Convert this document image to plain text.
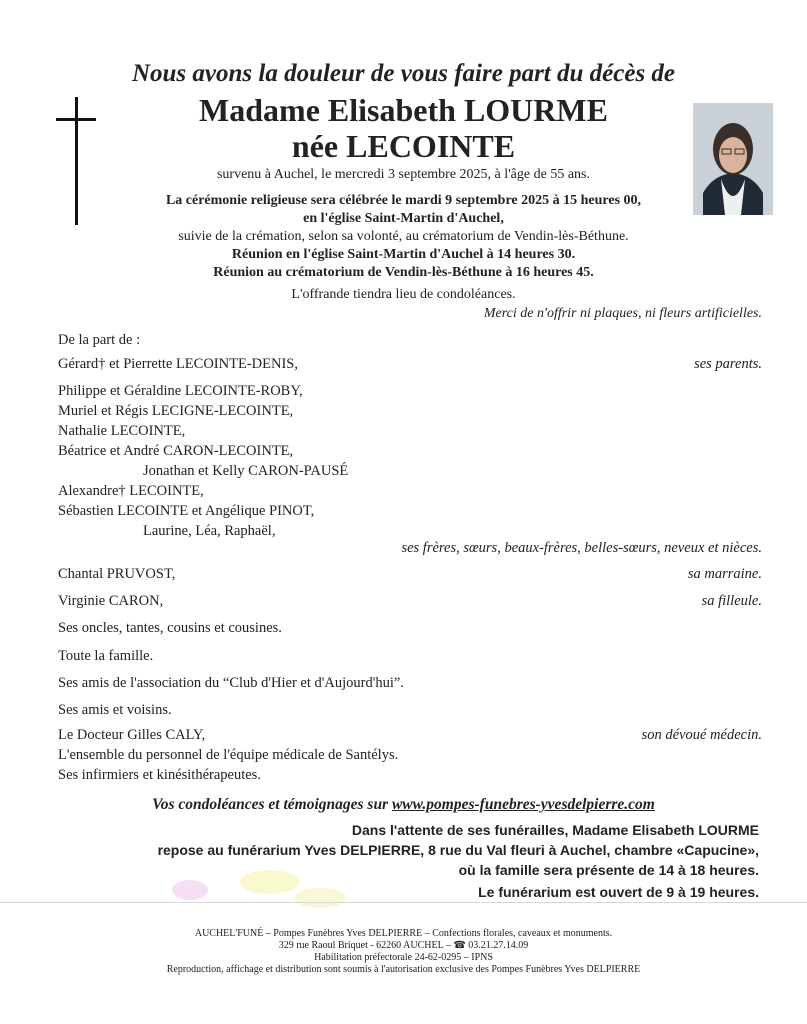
Nous avons la douleur de vous faire part du décès de
Madame Elisabeth LOURME
née LECOINTE
survenu à Auchel, le mercredi 3 septembre 2025, à l'âge de 55 ans.
La cérémonie religieuse sera célébrée le mardi 9 septembre 2025 à 15 heures 00,
en l'église Saint-Martin d'Auchel,
suivie de la crémation, selon sa volonté, au crématorium de Vendin-lès-Béthune.
Réunion en l'église Saint-Martin d'Auchel à 14 heures 30.
Réunion au crématorium de Vendin-lès-Béthune à 16 heures 45.
L'offrande tiendra lieu de condoléances.
Merci de n'offrir ni plaques, ni fleurs artificielles.
De la part de :
Gérard† et Pierrette LECOINTE-DENIS,	ses parents.
Philippe et Géraldine LECOINTE-ROBY,
Muriel et Régis LECIGNE-LECOINTE,
Nathalie LECOINTE,
Béatrice et André CARON-LECOINTE,
Jonathan et Kelly CARON-PAUSÉ
Alexandre† LECOINTE,
Sébastien LECOINTE et Angélique PINOT,
Laurine, Léa, Raphaël,
ses frères, sœurs, beaux-frères, belles-sœurs, neveux et nièces.
Chantal PRUVOST,	sa marraine.
Virginie CARON,	sa filleule.
Ses oncles, tantes, cousins et cousines.
Toute la famille.
Ses amis de l'association du “Club d'Hier et d'Aujourd'hui”.
Ses amis et voisins.
Le Docteur Gilles CALY,	son dévoué médecin.
L'ensemble du personnel de l'équipe médicale de Santélys.
Ses infirmiers et kinésithérapeutes.
Vos condoléances et témoignages sur www.pompes-funebres-yvesdelpierre.com
Dans l'attente de ses funérailles, Madame Elisabeth LOURME
repose au funérarium Yves DELPIERRE, 8 rue du Val fleuri à Auchel, chambre «Capucine»,
où la famille sera présente de 14 à 18 heures.
Le funérarium est ouvert de 9 à 19 heures.
AUCHEL'FUNÉ – Pompes Funèbres Yves DELPIERRE – Confections florales, caveaux et monuments.
329 rue Raoul Briquet - 62260 AUCHEL – ☎ 03.21.27.14.09
Habilitation préfectorale 24-62-0295 – IPNS
Reproduction, affichage et distribution sont soumis à l'autorisation exclusive des Pompes Funèbres Yves DELPIERRE
